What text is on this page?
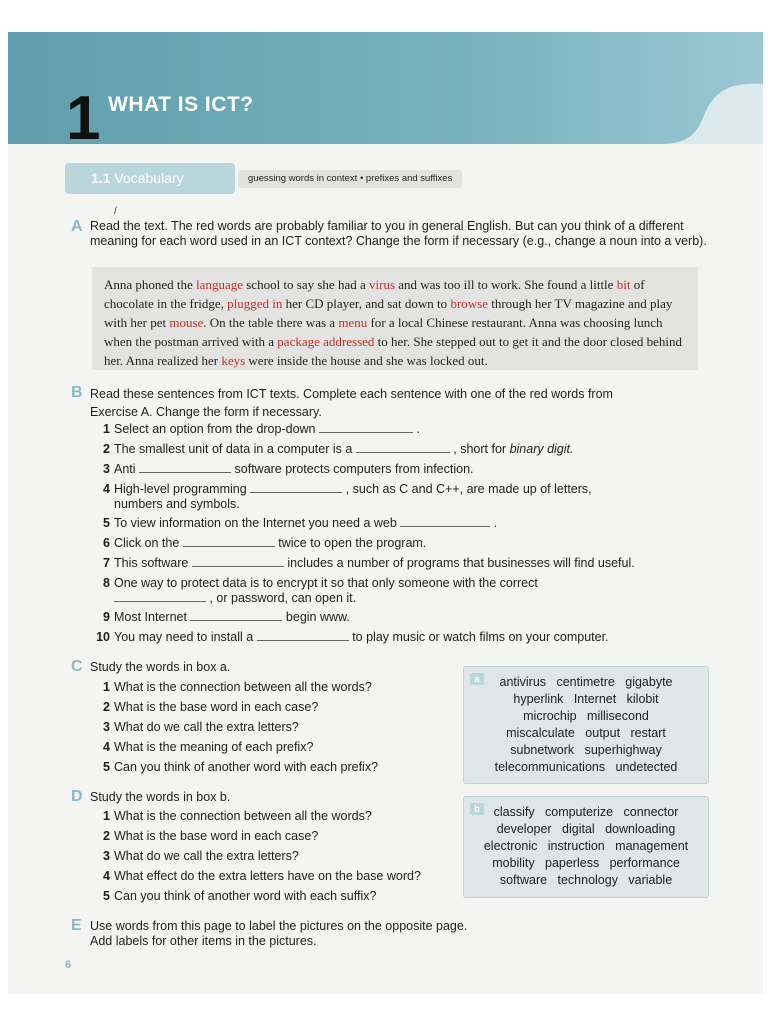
1 WHAT IS ICT?
1.1 Vocabulary	guessing words in context • prefixes and suffixes
/
A Read the text. The red words are probably familiar to you in general English. But can you think of a different meaning for each word used in an ICT context? Change the form if necessary (e.g., change a noun into a verb).
Anna phoned the language school to say she had a virus and was too ill to work. She found a little bit of chocolate in the fridge, plugged in her CD player, and sat down to browse through her TV magazine and play with her pet mouse. On the table there was a menu for a local Chinese restaurant. Anna was choosing lunch when the postman arrived with a package addressed to her. She stepped out to get it and the door closed behind her. Anna realized her keys were inside the house and she was locked out.
B Read these sentences from ICT texts. Complete each sentence with one of the red words from Exercise A. Change the form if necessary.
1 Select an option from the drop-down	.
2 The smallest unit of data in a computer is a	, short for binary digit.
3 Anti	software protects computers from infection.
4 High-level programming	, such as C and C++, are made up of letters,
numbers and symbols.
5 To view information on the Internet you need a web	.
6 Click on the	twice to open the program.
7 This software	includes a number of programs that businesses will find useful.
8 One way to protect data is to encrypt it so that only someone with the correct
, or password, can open it.
9 Most Internet	begin www.
10 You may need to install a	to play music or watch films on your computer.
C Study the words in box a.
1 What is the connection between all the words?
2 What is the base word in each case?
3 What do we call the extra letters?
4 What is the meaning of each prefix?
5 Can you think of another word with each prefix?
a	antivirus   centimetre   gigabyte
hyperlink   Internet   kilobit
microchip   millisecond
miscalculate   output   restart
subnetwork   superhighway
telecommunications   undetected
D Study the words in box b.
1 What is the connection between all the words?
2 What is the base word in each case?
3 What do we call the extra letters?
4 What effect do the extra letters have on the base word?
5 Can you think of another word with each suffix?
b	classify   computerize   connector
developer   digital   downloading
electronic   instruction   management
mobility   paperless   performance
software   technology   variable
E Use words from this page to label the pictures on the opposite page. Add labels for other items in the pictures.
6
